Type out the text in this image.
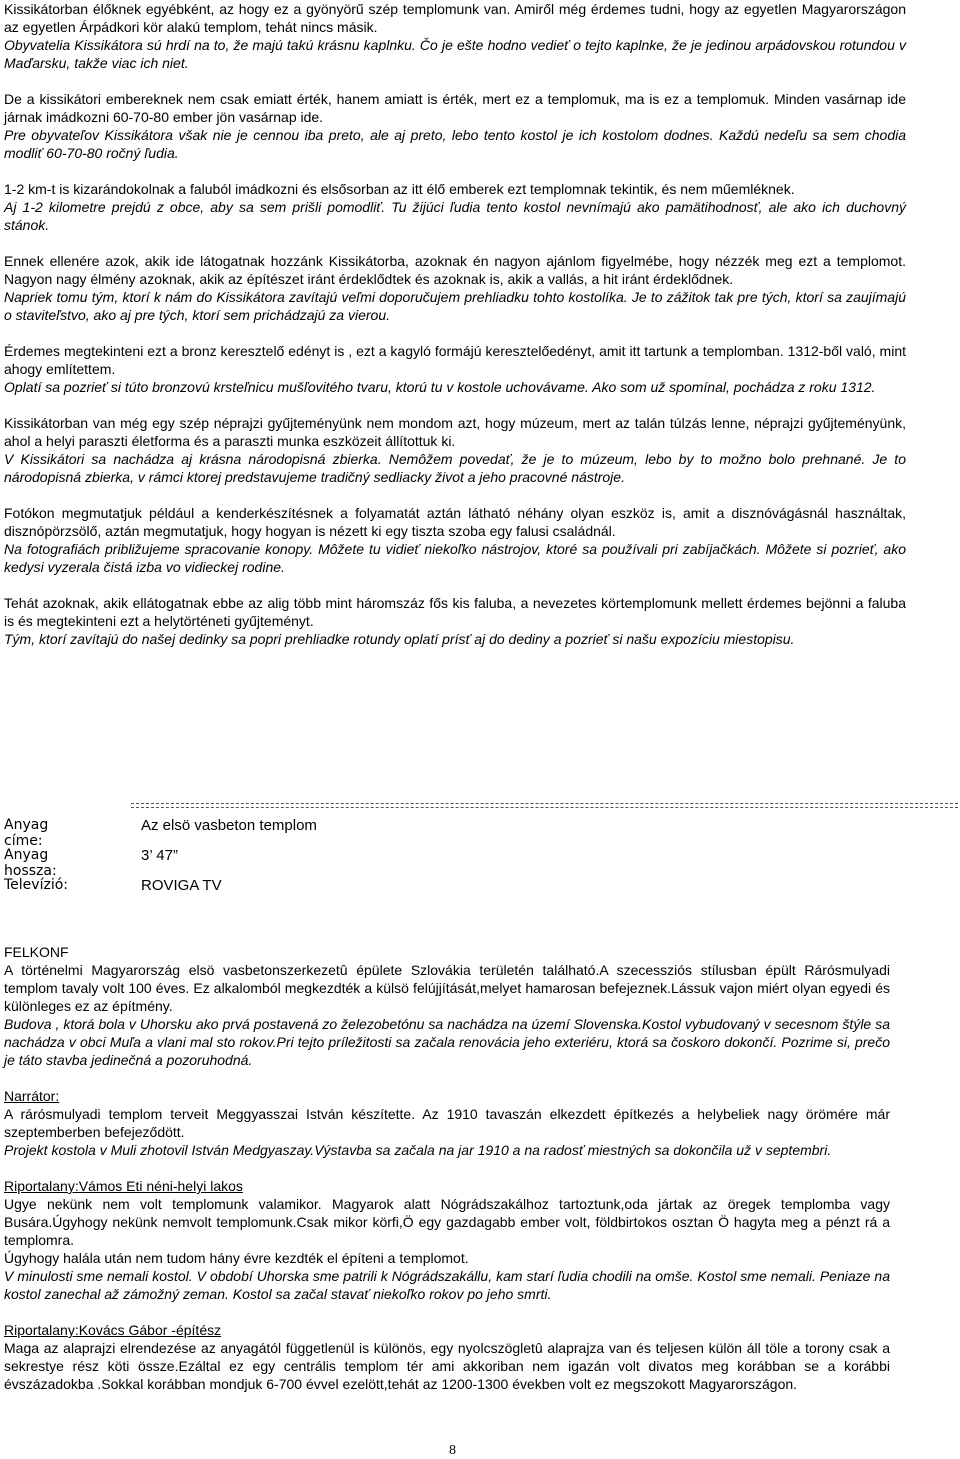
Kissikátorban élőknek egyébként, az hogy ez a gyönyörű szép templomunk van. Amiről még érdemes tudni, hogy az egyetlen Magyarországon az egyetlen Árpádkori kör alakú templom, tehát nincs másik.

Obyvatelia Kissikátora sú hrdí na to, že majú takú krásnu kaplnku. Čo je ešte hodno vedieť o tejto kaplnke, že je jedinou arpádovskou rotundou v Maďarsku, takže viac ich niet.

De a kissikátori embereknek nem csak emiatt érték, hanem amiatt is érték, mert ez a templomuk, ma is ez a templomuk. Minden vasárnap ide járnak imádkozni 60-70-80 ember jön vasárnap ide.

Pre obyvateľov Kissikátora však nie je cennou iba preto, ale aj preto, lebo tento kostol je ich kostolom dodnes. Každú nedeľu sa sem chodia modliť 60-70-80 ročný ľudia.

1-2 km-t is kizarándokolnak a faluból imádkozni és elsősorban az itt élő emberek ezt templomnak tekintik, és nem műemléknek.

Aj 1-2 kilometre prejdú z obce, aby sa sem prišli pomodliť. Tu žijúci ľudia tento kostol nevnímajú ako pamätihodnosť, ale ako ich duchovný stánok.

Ennek ellenére azok, akik ide látogatnak hozzánk Kissikátorba, azoknak én nagyon ajánlom figyelmébe, hogy nézzék meg ezt a templomot. Nagyon nagy élmény azoknak, akik az építészet iránt érdeklődtek és azoknak is, akik a vallás, a hit iránt érdeklődnek.

Napriek tomu tým, ktorí k nám do Kissikátora zavítajú veľmi doporučujem prehliadku tohto kostolíka. Je to zážitok tak pre tých, ktorí sa zaujímajú o staviteľstvo, ako aj pre tých, ktorí sem prichádzajú za vierou.

Érdemes megtekinteni ezt a bronz keresztelő edényt is , ezt a kagyló formájú keresztelőedényt, amit itt tartunk a templomban. 1312-ből való, mint ahogy említettem.

Oplatí sa pozrieť si túto bronzovú krsteľnicu mušľovitého tvaru, ktorú tu v kostole uchovávame. Ako som už spomínal, pochádza z roku 1312.

Kissikátorban van még egy szép néprajzi gyűjteményünk nem mondom azt, hogy múzeum, mert az talán túlzás lenne, néprajzi gyűjteményünk, ahol a helyi paraszti életforma és a paraszti munka eszközeit állítottuk ki.

V Kissikátori sa nachádza aj krásna národopisná zbierka. Nemôžem povedať, že je to múzeum, lebo by to možno bolo prehnané. Je to národopisná zbierka, v rámci ktorej predstavujeme tradičný sedliacky život a jeho pracovné nástroje.

Fotókon megmutatjuk például a kenderkészítésnek a folyamatát aztán látható néhány olyan eszköz is, amit a disznóvágásnál használtak, disznópörzsölő, aztán megmutatjuk, hogy hogyan is nézett ki egy tiszta szoba egy falusi családnál.

Na fotografiách približujeme spracovanie konopy. Môžete tu vidieť niekoľko nástrojov, ktoré sa používali pri zabíjačkách. Môžete si pozrieť, ako kedysi vyzerala čistá izba vo vidieckej rodine.

Tehát azoknak, akik ellátogatnak ebbe az alig több mint háromszáz fős kis faluba, a nevezetes körtemplomunk mellett érdemes bejönni a faluba is és megtekinteni ezt a helytörténeti gyűjteményt.

Tým, ktorí zavítajú do našej dedinky sa popri prehliadke rotundy oplatí prísť aj do dediny a pozrieť si našu expozíciu miestopisu.

Anyag címe:
Az elsö vasbeton templom
Anyag hossza:
3’ 47”
Televízió:	ROVIGA TV

FELKONF

A történelmi Magyarország elsö vasbetonszerkezetû épülete Szlovákia területén található.A szecessziós stílusban épült Rárósmulyadi templom tavaly volt 100 éves. Ez alkalomból megkezdték a külsö felújjítását,melyet hamarosan befejeznek.Lássuk vajon miért olyan egyedi és különleges ez az építmény.

Budova , ktorá bola v Uhorsku ako prvá postavená zo železobetónu sa nachádza na území Slovenska.Kostol vybudovaný v secesnom štýle sa nachádza v obci Muľa a vlani mal sto rokov.Pri tejto príležitosti sa začala renovácia jeho exteriéru, ktorá sa čoskoro dokončí. Pozrime si, prečo je táto stavba jedinečná a pozoruhodná.

Narrátor:

A rárósmulyadi templom terveit Meggyasszai István készítette. Az 1910 tavaszán elkezdett építkezés a helybeliek nagy örömére már szeptemberben befejeződött.

Projekt kostola v Muli zhotovil István Medgyaszay.Výstavba sa začala na jar 1910 a na radosť miestných sa dokončila už v septembri.

Riportalany:Vámos Eti néni-helyi lakos

Ugye nekünk nem volt templomunk valamikor. Magyarok alatt Nógrádszakálhoz tartoztunk,oda jártak az öregek templomba vagy Busára.Úgyhogy nekünk nemvolt templomunk.Csak mikor körfi,Ö egy gazdagabb ember volt, földbirtokos osztan Ö hagyta meg a pénzt rá a templomra.

Úgyhogy halála után nem tudom hány évre kezdték el építeni a templomot.

V minulosti sme nemali kostol. V období Uhorska sme patrili k Nógrádszakállu, kam starí ľudia chodili na omše. Kostol sme nemali. Peniaze na kostol zanechal až zámožný zeman. Kostol sa začal stavať niekoľko rokov po jeho smrti.

Riportalany:Kovács Gábor -építész

Maga az alaprajzi elrendezése az anyagától függetlenül is különös, egy nyolcszögletû alaprajza van és teljesen külön áll töle a torony csak a sekrestye rész köti össze.Ezáltal ez egy centrális templom tér ami akkoriban nem igazán volt divatos meg korábban se a korábbi évszázadokba .Sokkal korábban mondjuk 6-700 évvel ezelött,tehát az 1200-1300 években volt ez megszokott Magyarországon.

8
